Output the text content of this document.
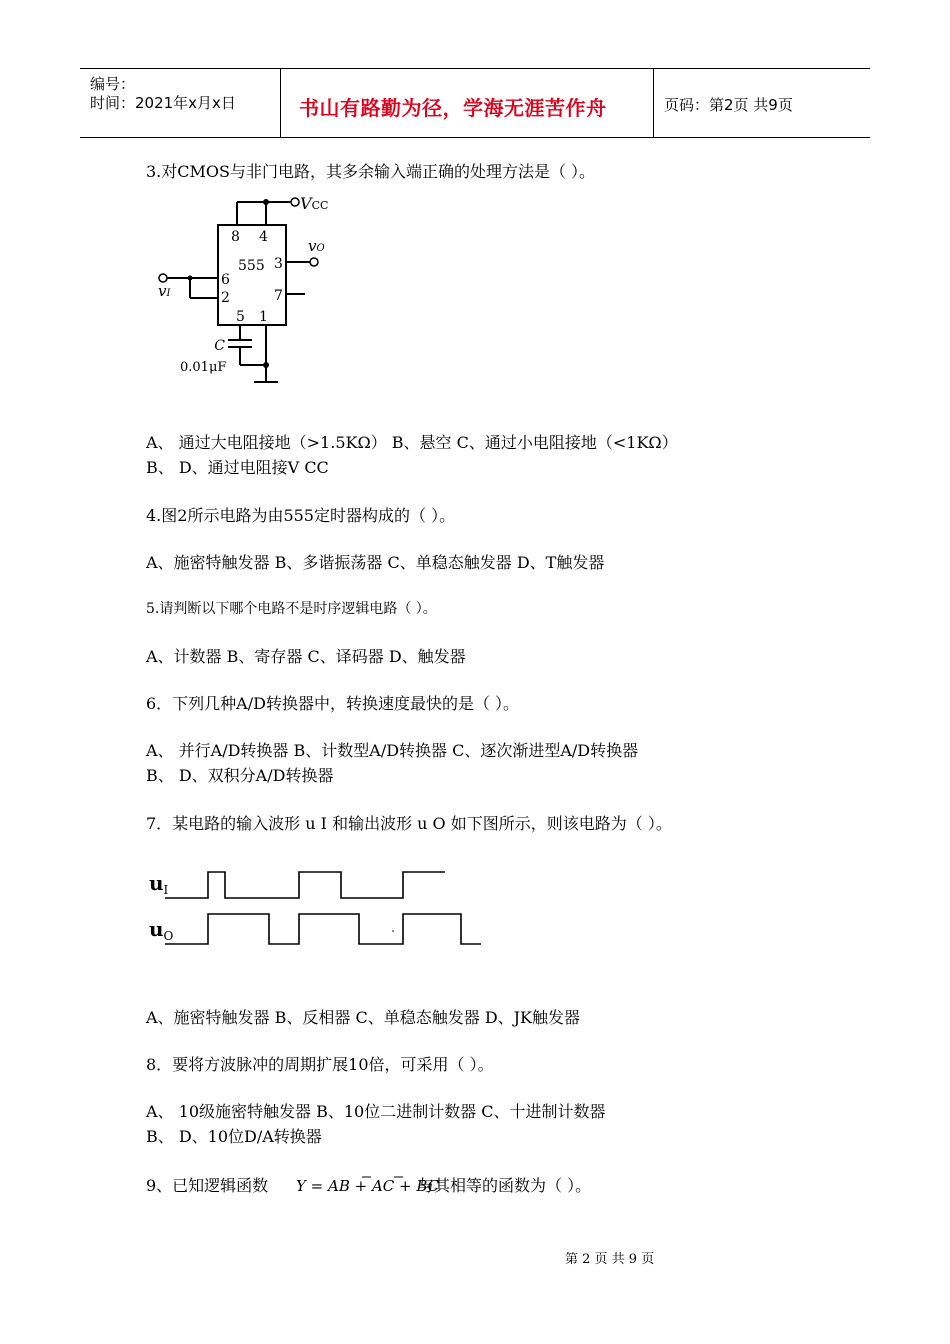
编号：
时间：2021年x月x日	书山有路勤为径，学海无涯苦作舟	页码：第2页 共9页
3.对CMOS与非门电路，其多余输入端正确的处理方法是（ ）。
VCC
vO
vI
555
8 4
3
6
2	7
5 1
C
0.01μF
A、 通过大电阻接地（>1.5KΩ） B、悬空 C、通过小电阻接地（<1KΩ）
B、 D、通过电阻接V CC
4.图2所示电路为由555定时器构成的（ ）。
A、施密特触发器 B、多谐振荡器 C、单稳态触发器 D、T触发器
5.请判断以下哪个电路不是时序逻辑电路（ ）。
A、计数器 B、寄存器 C、译码器 D、触发器
6．下列几种A/D转换器中，转换速度最快的是（ ）。
A、 并行A/D转换器 B、计数型A/D转换器 C、逐次渐进型A/D转换器
B、 D、双积分A/D转换器
7．某电路的输入波形 u I 和输出波形 u O 如下图所示，则该电路为（ ）。
$u_I$
$u_O$
A、施密特触发器 B、反相器 C、单稳态触发器 D、JK触发器
8．要将方波脉冲的周期扩展10倍，可采用（ ）。
A、 10级施密特触发器 B、10位二进制计数器 C、十进制计数器
B、 D、10位D/A转换器
9、已知逻辑函数 Y = AB + AC + BC
与其相等的函数为（ ）。
第 2 页 共 9 页
